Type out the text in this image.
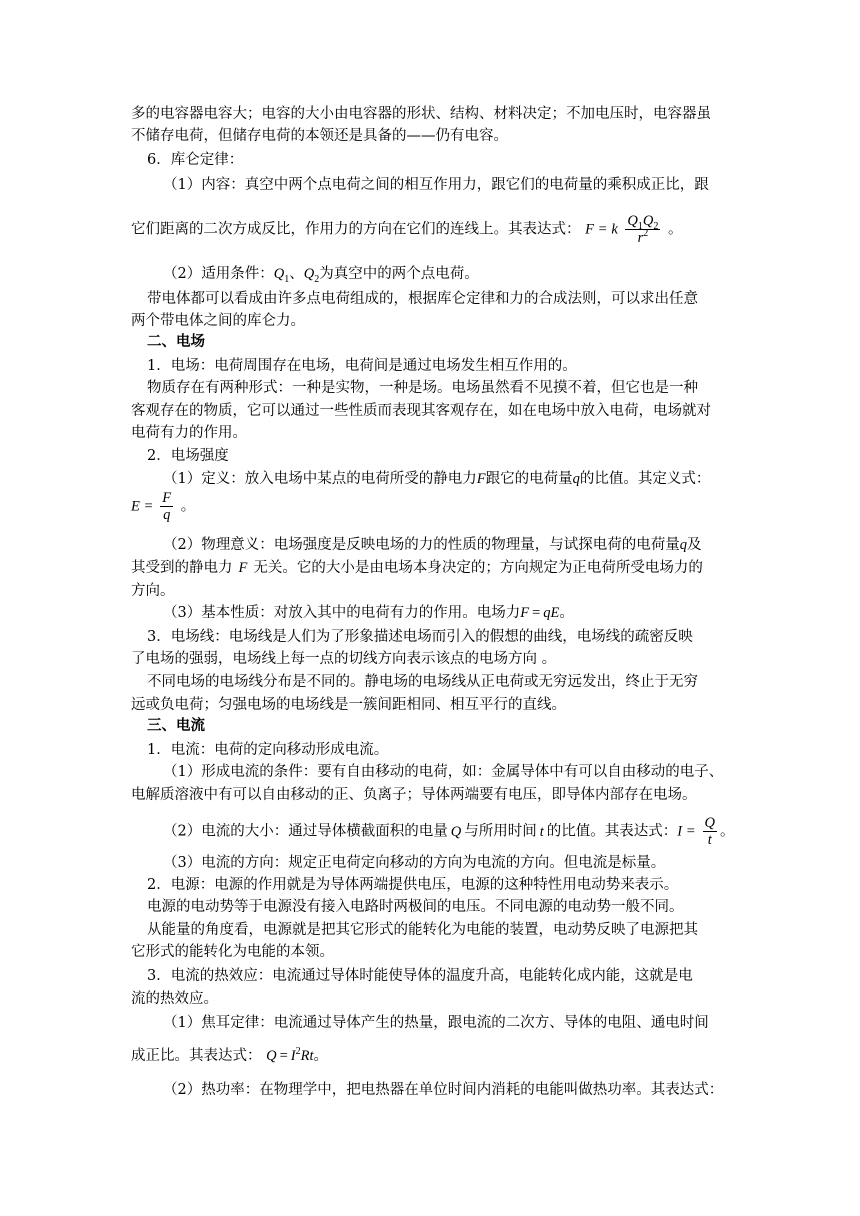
多的电容器电容大；电容的大小由电容器的形状、结构、材料决定；不加电压时，电容器虽
不储存电荷，但储存电荷的本领还是具备的——仍有电容。
6．库仑定律：
（1）内容：真空中两个点电荷之间的相互作用力，跟它们的电荷量的乘积成正比，跟
它们距离的二次方成反比，作用力的方向在它们的连线上。其表达式： F = k $\frac{Q_1Q_2}{r^2}$ 。
（2）适用条件：$Q_1$、$Q_2$为真空中的两个点电荷。
带电体都可以看成由许多点电荷组成的，根据库仑定律和力的合成法则，可以求出任意
两个带电体之间的库仑力。
二、电场
1．电场：电荷周围存在电场，电荷间是通过电场发生相互作用的。
物质存在有两种形式：一种是实物，一种是场。电场虽然看不见摸不着，但它也是一种
客观存在的物质，它可以通过一些性质而表现其客观存在，如在电场中放入电荷，电场就对
电荷有力的作用。
2．电场强度
（1）定义：放入电场中某点的电荷所受的静电力F跟它的电荷量q的比值。其定义式：
$E = \frac{F}{q}$ 。
（2）物理意义：电场强度是反映电场的力的性质的物理量，与试探电荷的电荷量q及
其受到的静电力 F 无关。它的大小是由电场本身决定的；方向规定为正电荷所受电场力的
方向。
（3）基本性质：对放入其中的电荷有力的作用。电场力F = qE。
3．电场线：电场线是人们为了形象描述电场而引入的假想的曲线，电场线的疏密反映
了电场的强弱，电场线上每一点的切线方向表示该点的电场方向 。
不同电场的电场线分布是不同的。静电场的电场线从正电荷或无穷远发出，终止于无穷
远或负电荷；匀强电场的电场线是一簇间距相同、相互平行的直线。
三、电流
1．电流：电荷的定向移动形成电流。
（1）形成电流的条件：要有自由移动的电荷，如：金属导体中有可以自由移动的电子、
电解质溶液中有可以自由移动的正、负离子；导体两端要有电压，即导体内部存在电场。
（2）电流的大小：通过导体横截面积的电量 Q 与所用时间 t 的比值。其表达式：$I = \frac{Q}{t}$ 。
（3）电流的方向：规定正电荷定向移动的方向为电流的方向。但电流是标量。
2．电源：电源的作用就是为导体两端提供电压，电源的这种特性用电动势来表示。
电源的电动势等于电源没有接入电路时两极间的电压。不同电源的电动势一般不同。
从能量的角度看，电源就是把其它形式的能转化为电能的装置，电动势反映了电源把其
它形式的能转化为电能的本领。
3．电流的热效应：电流通过导体时能使导体的温度升高，电能转化成内能，这就是电
流的热效应。
（1）焦耳定律：电流通过导体产生的热量，跟电流的二次方、导体的电阻、通电时间
成正比。其表达式： $Q = I^2Rt$。
（2）热功率：在物理学中，把电热器在单位时间内消耗的电能叫做热功率。其表达式：
